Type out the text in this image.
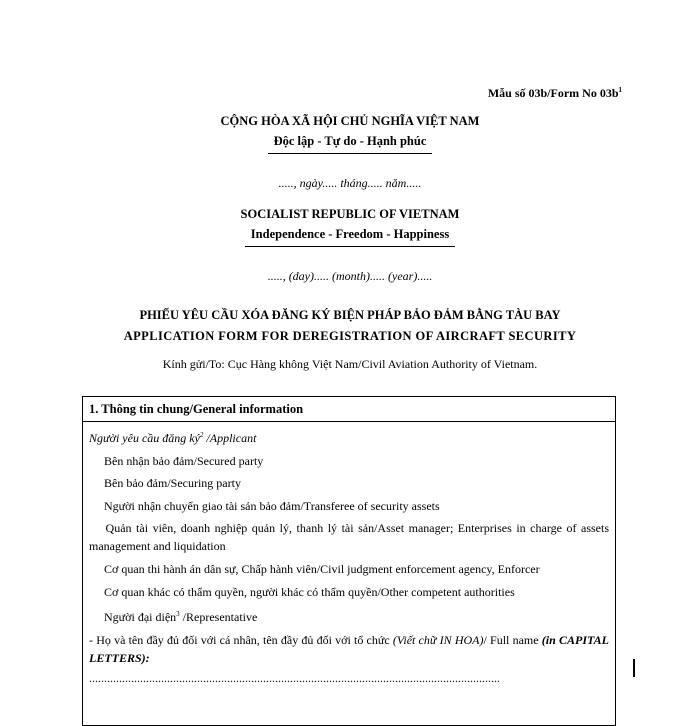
Mẫu số 03b/Form No $03b^1$
CỘNG HÒA XÃ HỘI CHỦ NGHĨA VIỆT NAM
Độc lập - Tự do - Hạnh phúc
....., ngày..... tháng..... năm.....
SOCIALIST REPUBLIC OF VIETNAM
Independence - Freedom - Happiness
....., (day)..... (month)..... (year).....
PHIẾU YÊU CẦU XÓA ĐĂNG KÝ BIỆN PHÁP BẢO ĐẢM BẰNG TÀU BAY
APPLICATION FORM FOR DEREGISTRATION OF AIRCRAFT SECURITY
Kính gửi/To: Cục Hàng không Việt Nam/Civil Aviation Authority of Vietnam.
1. Thông tin chung/General information
Người yêu cầu đăng $ký^2$ /Applicant
Bên nhận bảo đảm/Secured party
Bên bảo đảm/Securing party
Người nhận chuyển giao tài sản bảo đảm/Transferee of security assets
Quản tài viên, doanh nghiệp quản lý, thanh lý tài sản/Asset manager; Enterprises in charge of assets management and liquidation
Cơ quan thi hành án dân sự, Chấp hành viên/Civil judgment enforcement agency, Enforcer
Cơ quan khác có thẩm quyền, người khác có thẩm quyền/Other competent authorities
Người đại diện$^3$ /Representative
- Họ và tên đầy đủ đối với cá nhân, tên đầy đủ đối với tổ chức (Viết chữ IN HOA)/ Full name (in CAPITAL LETTERS):
.........................................................................................................................................
